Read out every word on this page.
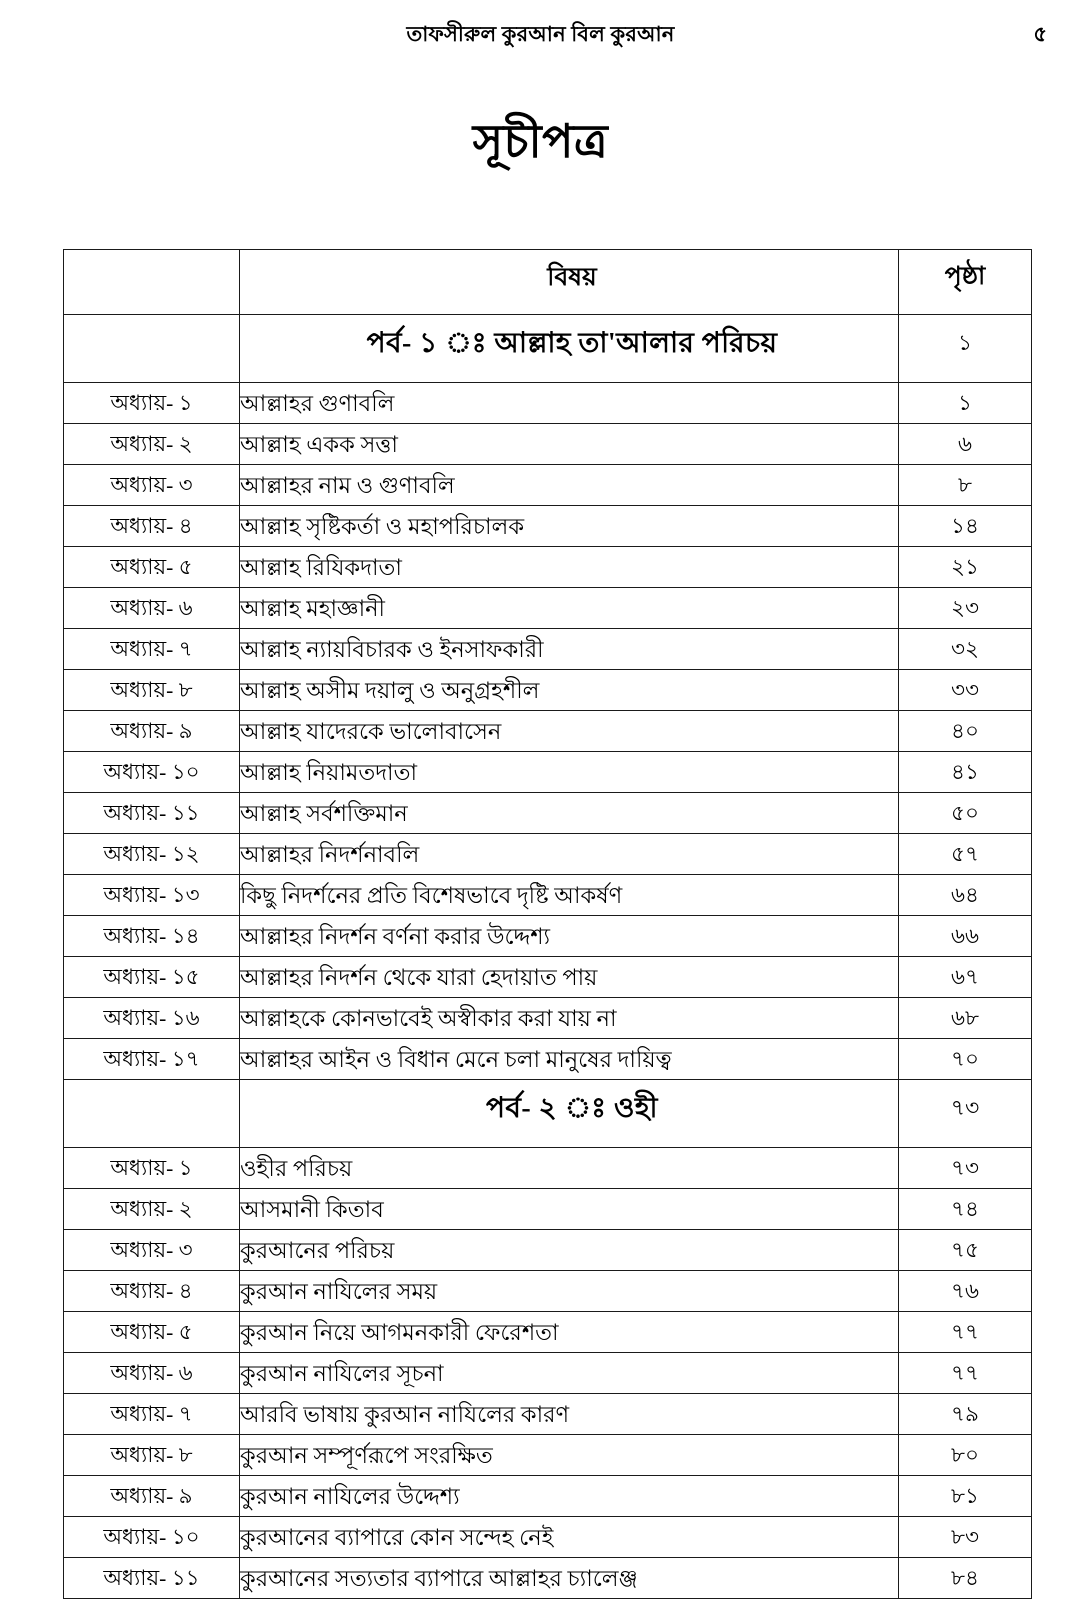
তাফসীরুল কুরআন বিল কুরআন	৫
সূচীপত্র
	বিষয়	পৃষ্ঠা
	পর্ব- ১ ঃ আল্লাহ তা'আলার পরিচয়	১
অধ্যায়- ১	আল্লাহর গুণাবলি	১
অধ্যায়- ২	আল্লাহ একক সত্তা	৬
অধ্যায়- ৩	আল্লাহর নাম ও গুণাবলি	৮
অধ্যায়- ৪	আল্লাহ সৃষ্টিকর্তা ও মহাপরিচালক	১৪
অধ্যায়- ৫	আল্লাহ রিযিকদাতা	২১
অধ্যায়- ৬	আল্লাহ মহাজ্ঞানী	২৩
অধ্যায়- ৭	আল্লাহ ন্যায়বিচারক ও ইনসাফকারী	৩২
অধ্যায়- ৮	আল্লাহ অসীম দয়ালু ও অনুগ্রহশীল	৩৩
অধ্যায়- ৯	আল্লাহ যাদেরকে ভালোবাসেন	৪০
অধ্যায়- ১০	আল্লাহ নিয়ামতদাতা	৪১
অধ্যায়- ১১	আল্লাহ সর্বশক্তিমান	৫০
অধ্যায়- ১২	আল্লাহর নিদর্শনাবলি	৫৭
অধ্যায়- ১৩	কিছু নিদর্শনের প্রতি বিশেষভাবে দৃষ্টি আকর্ষণ	৬৪
অধ্যায়- ১৪	আল্লাহর নিদর্শন বর্ণনা করার উদ্দেশ্য	৬৬
অধ্যায়- ১৫	আল্লাহর নিদর্শন থেকে যারা হেদায়াত পায়	৬৭
অধ্যায়- ১৬	আল্লাহকে কোনভাবেই অস্বীকার করা যায় না	৬৮
অধ্যায়- ১৭	আল্লাহর আইন ও বিধান মেনে চলা মানুষের দায়িত্ব	৭০
	পর্ব- ২ ঃ ওহী	৭৩
অধ্যায়- ১	ওহীর পরিচয়	৭৩
অধ্যায়- ২	আসমানী কিতাব	৭৪
অধ্যায়- ৩	কুরআনের পরিচয়	৭৫
অধ্যায়- ৪	কুরআন নাযিলের সময়	৭৬
অধ্যায়- ৫	কুরআন নিয়ে আগমনকারী ফেরেশতা	৭৭
অধ্যায়- ৬	কুরআন নাযিলের সূচনা	৭৭
অধ্যায়- ৭	আরবি ভাষায় কুরআন নাযিলের কারণ	৭৯
অধ্যায়- ৮	কুরআন সম্পূর্ণরূপে সংরক্ষিত	৮০
অধ্যায়- ৯	কুরআন নাযিলের উদ্দেশ্য	৮১
অধ্যায়- ১০	কুরআনের ব্যাপারে কোন সন্দেহ নেই	৮৩
অধ্যায়- ১১	কুরআনের সত্যতার ব্যাপারে আল্লাহর চ্যালেঞ্জ	৮৪
